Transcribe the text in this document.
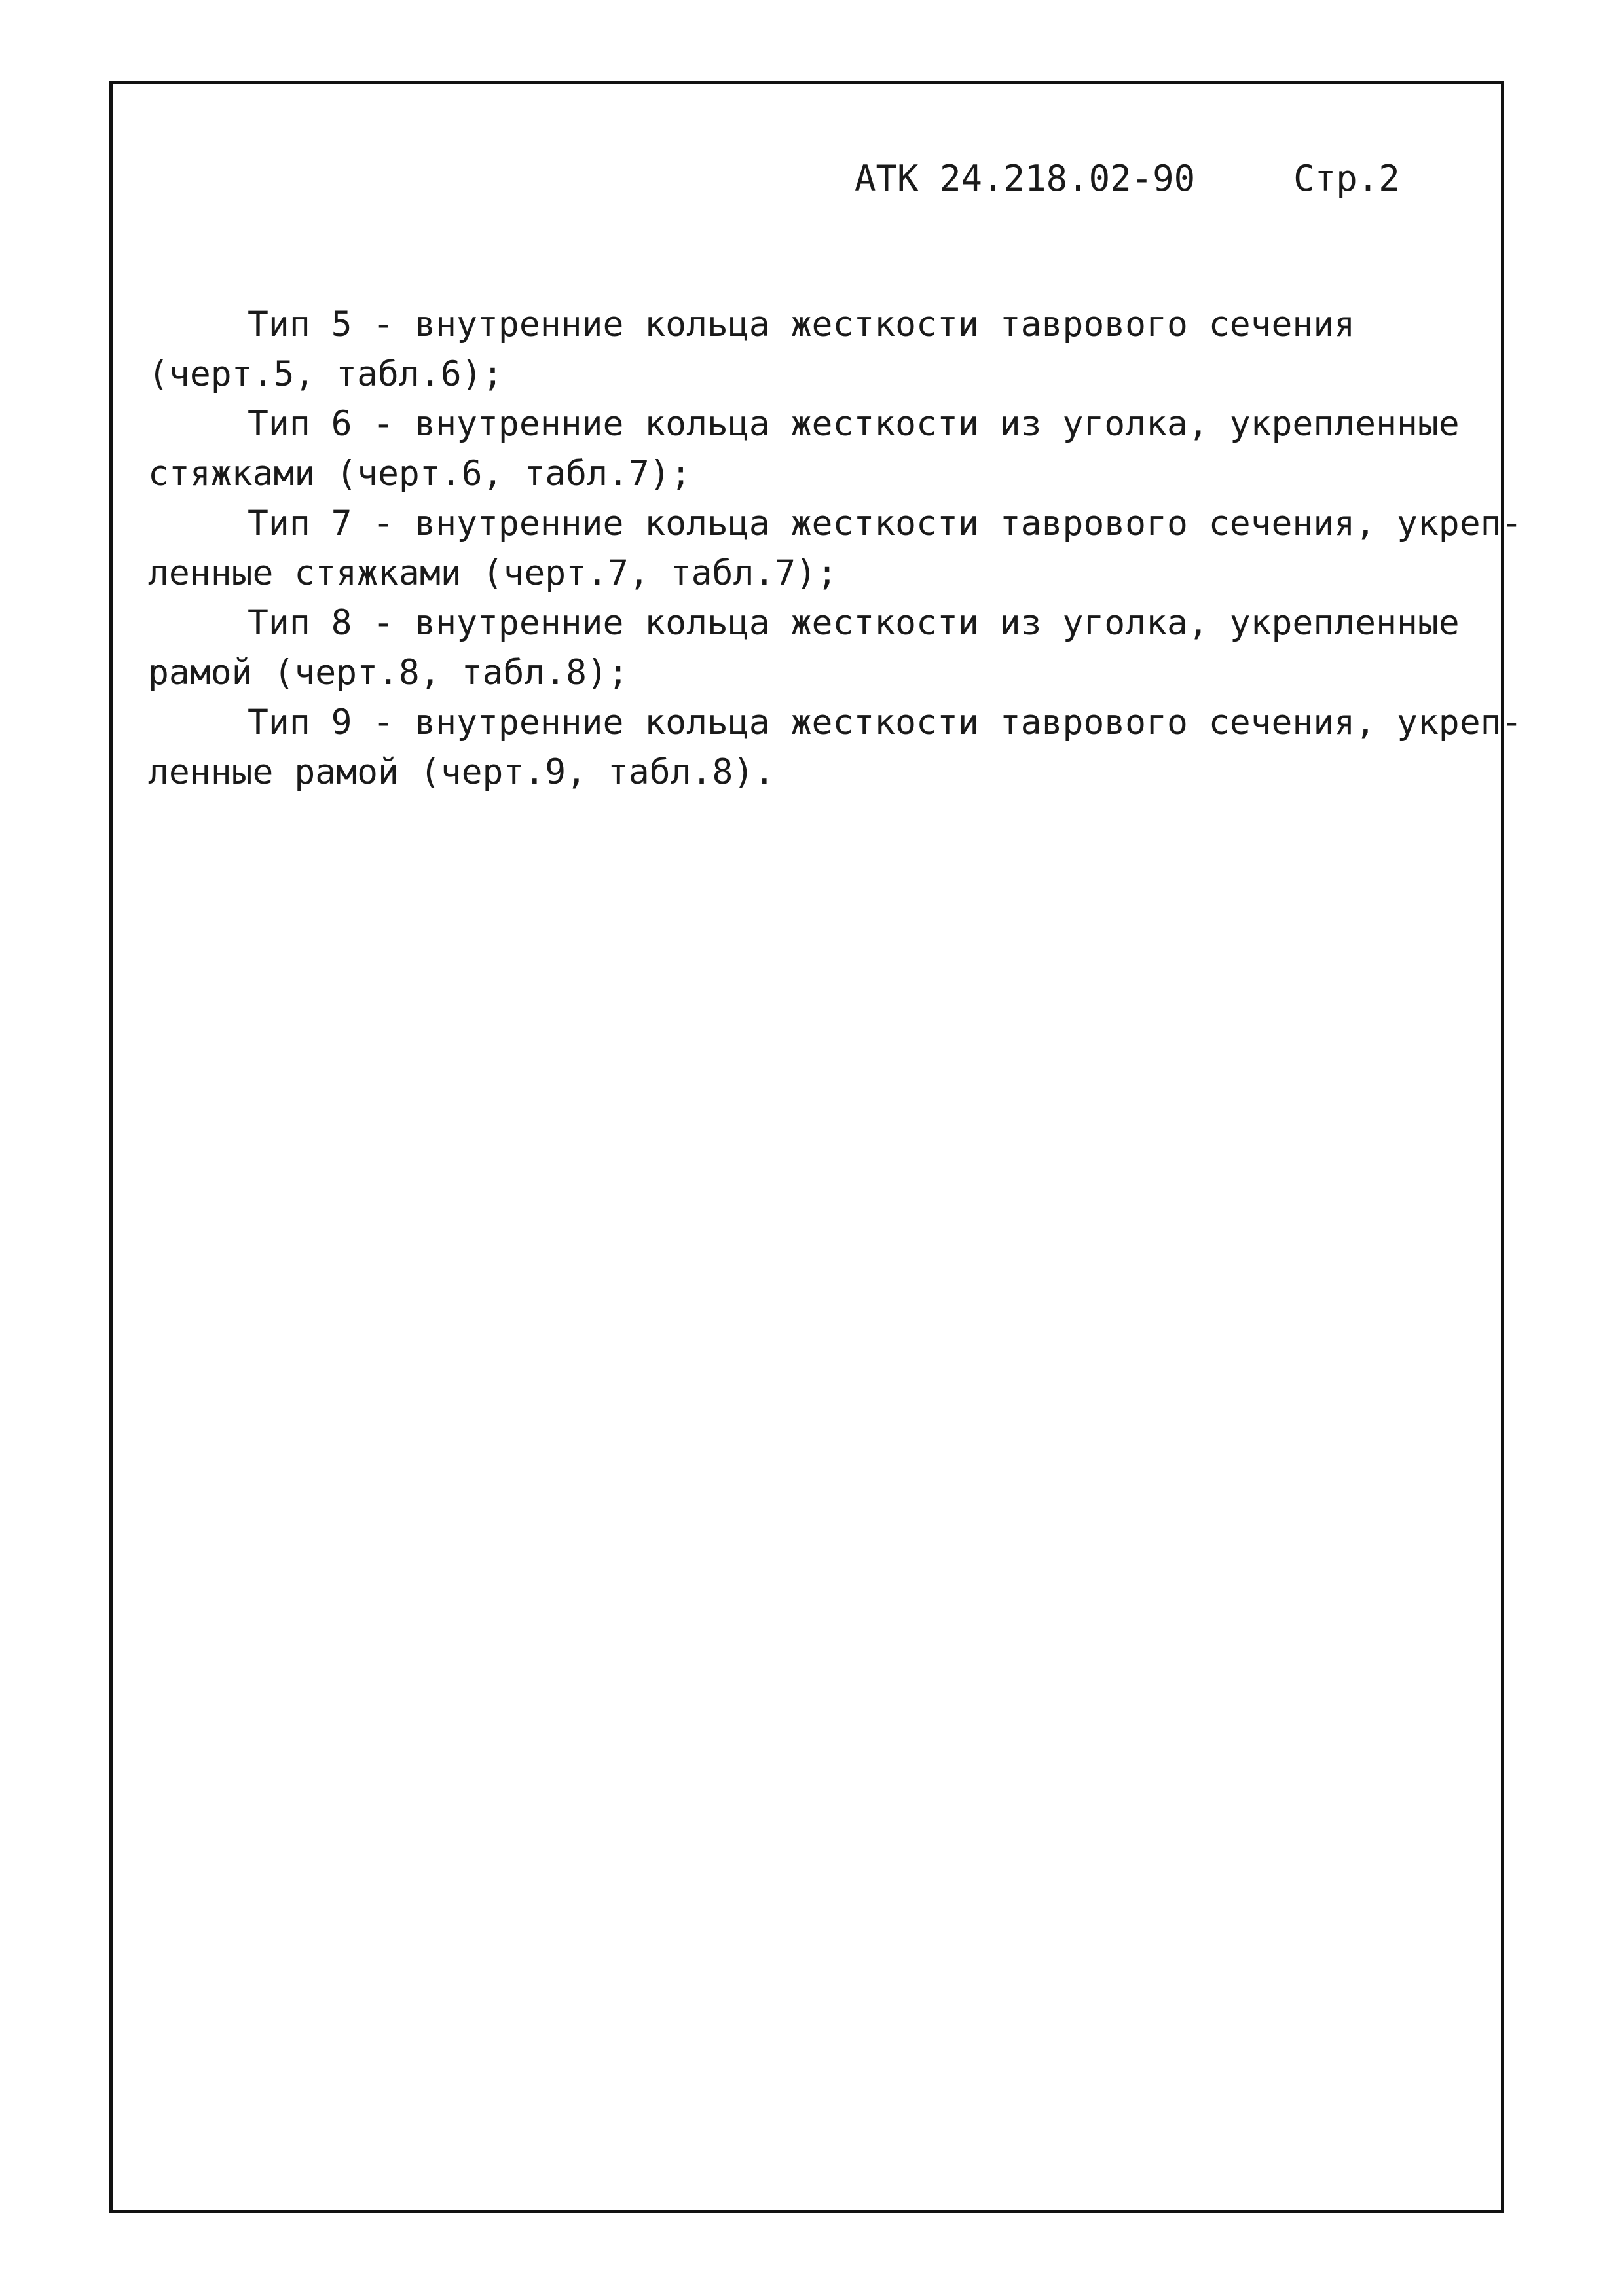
АТК 24.218.02-90	Стр.2
Тип 5 - внутренние кольца жесткости таврового сечения
(черт.5, табл.6);
Тип 6 - внутренние кольца жесткости из уголка, укрепленные
стяжками (черт.6, табл.7);
Тип 7 - внутренние кольца жесткости таврового сечения, укреп-
ленные стяжками (черт.7, табл.7);
Тип 8 - внутренние кольца жесткости из уголка, укрепленные
рамой (черт.8, табл.8);
Тип 9 - внутренние кольца жесткости таврового сечения, укреп-
ленные рамой (черт.9, табл.8).
